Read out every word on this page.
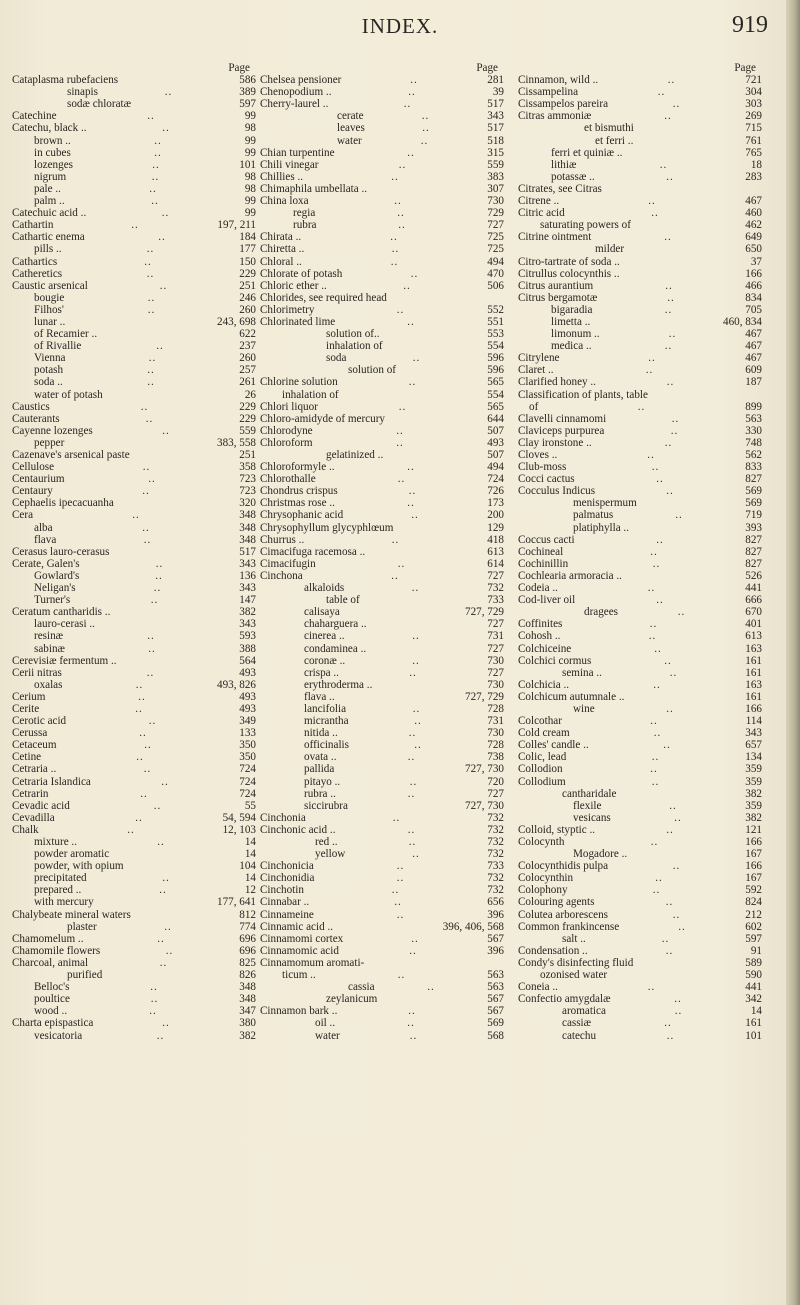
INDEX.	919
Page
Cataplasma rubefaciens	586
sinapis	..	389
sodæ chloratæ	597
Catechine	..	99
Catechu, black ..	..	98
brown ..	..	99
in cubes	..	99
lozenges	..	101
nigrum	..	98
pale ..	..	98
palm ..	..	99
Catechuic acid ..	..	99
Cathartin	..	197, 211
Cathartic enema	..	184
pills ..	..	177
Cathartics	..	150
Catheretics	..	229
Caustic arsenical	..	251
bougie	..	246
Filhos'	..	260
lunar ..	243, 698
of Recamier ..	622
of Rivallie	..	237
Vienna	..	260
potash	..	257
soda ..	..	261
water of potash	26
Caustics	..	229
Cauterants	..	229
Cayenne lozenges	..	559
pepper	383, 558
Cazenave's arsenical paste	251
Cellulose	..	358
Centaurium	..	723
Centaury	..	723
Cephaelis ipecacuanha	320
Cera	..	348
alba	..	348
flava	..	348
Cerasus lauro-cerasus	517
Cerate, Galen's	..	343
Gowlard's	..	136
Neligan's	..	343
Turner's	..	147
Ceratum cantharidis ..	382
lauro-cerasi ..	343
resinæ	..	593
sabinæ	..	388
Cerevisiæ fermentum ..	564
Cerii nitras	..	493
oxalas	..	493, 826
Cerium	..	493
Cerite	..	493
Cerotic acid	..	349
Cerussa	..	133
Cetaceum	..	350
Cetine	..	350
Cetraria ..	..	724
Cetraria Islandica	..	724
Cetrarin	..	724
Cevadic acid	..	55
Cevadilla	..	54, 594
Chalk	..	12, 103
mixture ..	..	14
powder aromatic	14
powder, with opium	104
precipitated	..	14
prepared ..	..	12
with mercury	177, 641
Chalybeate mineral waters	812
plaster	..	774
Chamomelum ..	..	696
Chamomile flowers	..	696
Charcoal, animal	..	825
purified	826
Belloc's	..	348
poultice	..	348
wood ..	..	347
Charta epispastica	..	380
vesicatoria	..	382
Page
Chelsea pensioner	..	281
Chenopodium ..	..	39
Cherry-laurel ..	..	517
cerate	..	343
leaves	..	517
water	..	518
Chian turpentine	..	315
Chili vinegar	..	559
Chillies ..	..	383
Chimaphila umbellata ..	307
China loxa	..	730
regia	..	729
rubra	..	727
Chirata ..	..	725
Chiretta ..	..	725
Chloral ..	..	494
Chlorate of potash	..	470
Chloric ether ..	..	506
Chlorides, see required head
Chlorimetry	..	552
Chlorinated lime	..	551
solution of..	553
inhalation of	554
soda	..	596
solution of	596
Chlorine solution	..	565
inhalation of	554
Chlori liquor	..	565
Chloro-amidyde of mercury	644
Chlorodyne	..	507
Chloroform	..	493
gelatinized ..	507
Chloroformyle ..	..	494
Chlorothalle	..	724
Chondrus crispus	..	726
Christmas rose ..	..	173
Chrysophanic acid	..	200
Chrysophyllum glycyphlœum	129
Churrus ..	..	418
Cimacifuga racemosa ..	613
Cimacifugin	..	614
Cinchona	..	727
alkaloids	..	732
table of	733
calisaya	727, 729
chaharguera ..	727
cinerea ..	..	731
condaminea ..	727
coronæ ..	..	730
crispa ..	..	727
erythroderma ..	730
flava ..	727, 729
lancifolia	..	728
micrantha	..	731
nitida ..	..	730
officinalis	..	728
ovata ..	..	738
pallida	727, 730
pitayo ..	..	720
rubra ..	..	727
siccirubra	727, 730
Cinchonia	..	732
Cinchonic acid ..	..	732
red ..	..	732
yellow	..	732
Cinchonicia	..	733
Cinchonidia	..	732
Cinchotin	..	732
Cinnabar ..	..	656
Cinnameine	..	396
Cinnamic acid ..	396, 406, 568
Cinnamomi cortex	..	567
Cinnamomic acid	..	396
Cinnamomum aromati-
ticum ..	..	563
cassia	..	563
zeylanicum	567
Cinnamon bark ..	..	567
oil ..	..	569
water	..	568
Page
Cinnamon, wild ..	..	721
Cissampelina	..	304
Cissampelos pareira	..	303
Citras ammoniæ	..	269
et bismuthi	715
et ferri ..	761
ferri et quiniæ ..	765
lithiæ	..	18
potassæ ..	..	283
Citrates, see Citras
Citrene ..	..	467
Citric acid	..	460
saturating powers of	462
Citrine ointment	..	649
milder	650
Citro-tartrate of soda ..	37
Citrullus colocynthis ..	166
Citrus aurantium	..	466
Citrus bergamotæ	..	834
bigaradia	..	705
limetta ..	460, 834
limonum ..	..	467
medica ..	..	467
Citrylene	..	467
Claret ..	..	609
Clarified honey ..	..	187
Classification of plants, table
of	..	899
Clavelli cinnamomi	..	563
Claviceps purpurea	..	330
Clay ironstone ..	..	748
Cloves ..	..	562
Club-moss	..	833
Cocci cactus	..	827
Cocculus Indicus	..	569
menispermum	569
palmatus	..	719
platiphylla ..	393
Coccus cacti	..	827
Cochineal	..	827
Cochinillin	..	827
Cochlearia armoracia ..	526
Codeia ..	..	441
Cod-liver oil	..	666
dragees	..	670
Coffinites	..	401
Cohosh ..	..	613
Colchiceine	..	163
Colchici cormus	..	161
semina ..	..	161
Colchicia ..	..	163
Colchicum autumnale ..	161
wine	..	166
Colcothar	..	114
Cold cream	..	343
Colles' candle ..	..	657
Colic, lead	..	134
Collodion	..	359
Collodium	..	359
cantharidale	382
flexile	..	359
vesicans	..	382
Colloid, styptic ..	..	121
Colocynth	..	166
Mogadore ..	167
Colocynthidis pulpa	..	166
Colocynthin	..	167
Colophony	..	592
Colouring agents	..	824
Colutea arborescens	..	212
Common frankincense	..	602
salt ..	..	597
Condensation ..	..	91
Condy's disinfecting fluid	589
ozonised water	590
Coneia ..	..	441
Confectio amygdalæ	..	342
aromatica	..	14
cassiæ	..	161
catechu	..	101
